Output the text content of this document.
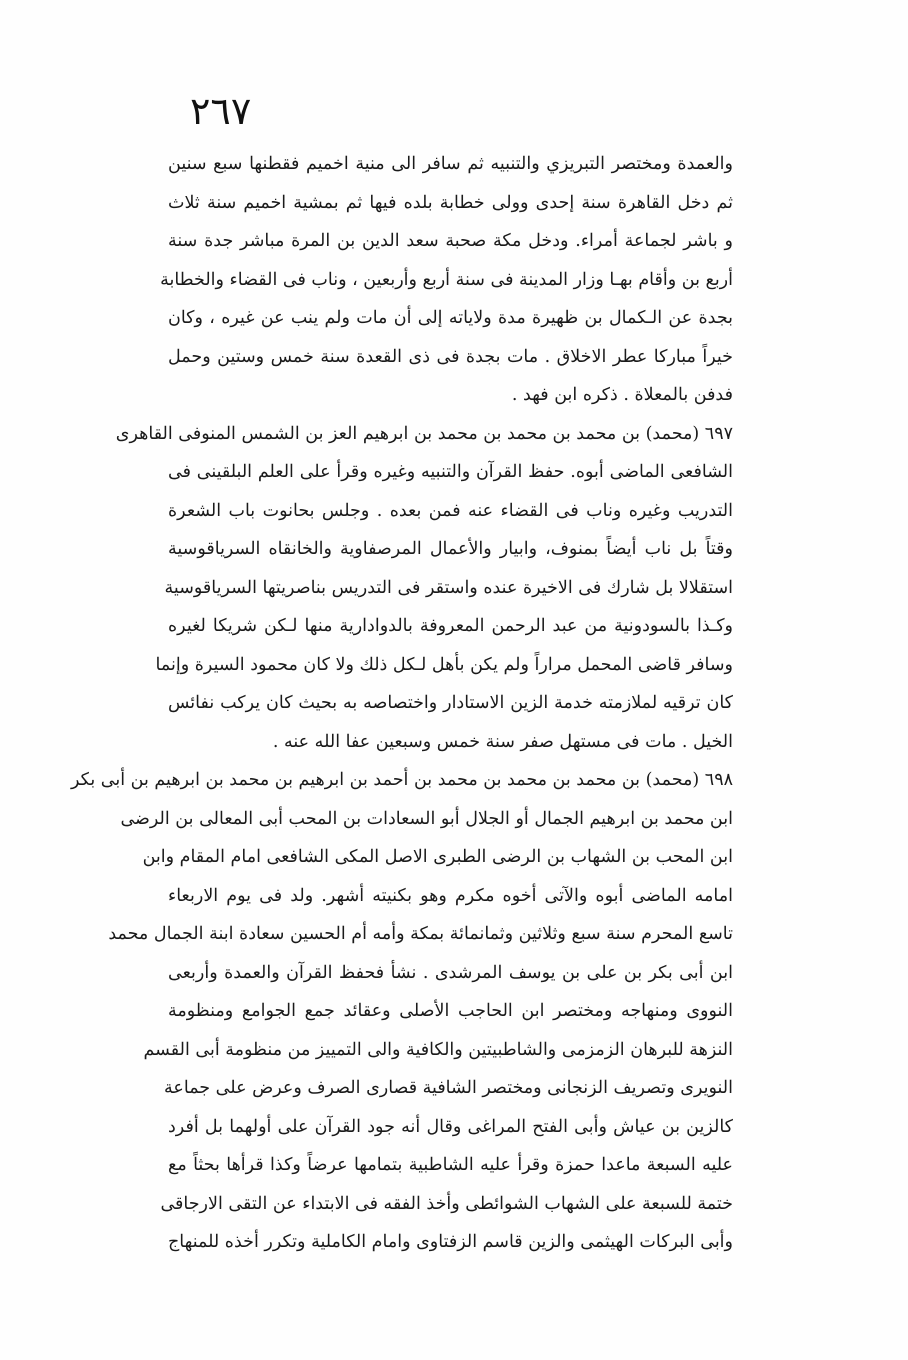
٢٦٧
والعمدة ومختصر التبريزي والتنبيه ثم سافر الى منية اخميم فقطنها سبع سنين
ثم دخل القاهرة سنة إحدى وولى خطابة بلده فيها ثم بمشية اخميم سنة ثلاث
و باشر لجماعة أمراء. ودخل مكة صحبة سعد الدين بن المرة مباشر جدة سنة
أربع بن وأقام بهـا وزار المدينة فى سنة أربع وأربعين ، وناب فى القضاء والخطابة
بجدة عن الـكمال بن ظهيرة مدة ولاياته إلى أن مات ولم ينب عن غيره ، وكان
خيراً مباركا عطر الاخلاق . مات بجدة فى ذى القعدة سنة خمس وستين وحمل
فدفن بالمعلاة . ذكره ابن فهد .
٦٩٧ (محمد) بن محمد بن محمد بن محمد بن ابرهيم العز بن الشمس المنوفى القاهرى
الشافعى الماضى أبوه. حفظ القرآن والتنبيه وغيره وقرأ على العلم البلقينى فى
التدريب وغيره وناب فى القضاء عنه فمن بعده . وجلس بحانوت باب الشعرة
وقتاً بل ناب أيضاً بمنوف، وابيار والأعمال المرصفاوية والخانقاه السرياقوسية
استقلالا بل شارك فى الاخيرة عنده واستقر فى التدريس بناصريتها السرياقوسية
وكـذا بالسودونية من عبد الرحمن المعروفة بالدوادارية منها لـكن شريكا لغيره
وسافر قاضى المحمل مراراً ولم يكن بأهل لـكل ذلك ولا كان محمود السيرة وإنما
كان ترقيه لملازمته خدمة الزين الاستادار واختصاصه به بحيث كان يركب نفائس
الخيل . مات فى مستهل صفر سنة خمس وسبعين عفا الله عنه .
٦٩٨ (محمد) بن محمد بن محمد بن محمد بن أحمد بن ابرهيم بن محمد بن ابرهيم بن أبى بكر
ابن محمد بن ابرهيم الجمال أو الجلال أبو السعادات بن المحب أبى المعالى بن الرضى
ابن المحب بن الشهاب بن الرضى الطبرى الاصل المكى الشافعى امام المقام وابن
امامه الماضى أبوه والآتى أخوه مكرم وهو بكنيته أشهر. ولد فى يوم الاربعاء
تاسع المحرم سنة سبع وثلاثين وثمانمائة بمكة وأمه أم الحسين سعادة ابنة الجمال محمد
ابن أبى بكر بن على بن يوسف المرشدى . نشأ فحفظ القرآن والعمدة وأربعى
النووى ومنهاجه ومختصر ابن الحاجب الأصلى وعقائد جمع الجوامع ومنظومة
النزهة للبرهان الزمزمى والشاطبيتين والكافية والى التمييز من منظومة أبى القسم
النويرى وتصريف الزنجانى ومختصر الشافية قصارى الصرف وعرض على جماعة
كالزين بن عياش وأبى الفتح المراغى وقال أنه جود القرآن على أولهما بل أفرد
عليه السبعة ماعدا حمزة وقرأ عليه الشاطبية بتمامها عرضاً وكذا قرأها بحثاً مع
ختمة للسبعة على الشهاب الشوائطى وأخذ الفقه فى الابتداء عن التقى الارجاقى
وأبى البركات الهيثمى والزين قاسم الزفتاوى وامام الكاملية وتكرر أخذه للمنهاج
